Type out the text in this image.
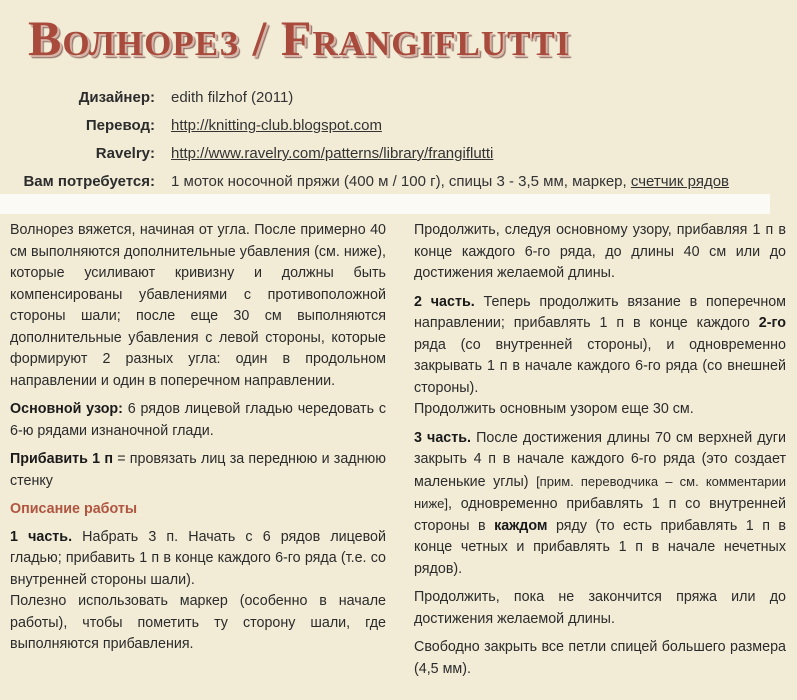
Волнорез / Frangiflutti
Дизайнер: edith filzhof (2011)
Перевод: http://knitting-club.blogspot.com
Ravelry: http://www.ravelry.com/patterns/library/frangiflutti
Вам потребуется: 1 моток носочной пряжи (400 м / 100 г), спицы 3 - 3,5 мм, маркер, счетчик рядов

Волнорез вяжется, начиная от угла. После примерно 40 см выполняются дополнительные убавления (см. ниже), которые усиливают кривизну и должны быть компенсированы убавлениями с противоположной стороны шали; после еще 30 см выполняются дополнительные убавления с левой стороны, которые формируют 2 разных угла: один в продольном направлении и один в поперечном направлении.

Основной узор: 6 рядов лицевой гладью чередовать с 6-ю рядами изнаночной глади.

Прибавить 1 п = провязать лиц за переднюю и заднюю стенку

Описание работы

1 часть. Набрать 3 п. Начать с 6 рядов лицевой гладью; прибавить 1 п в конце каждого 6-го ряда (т.е. со внутренней стороны шали).

Полезно использовать маркер (особенно в начале работы), чтобы пометить ту сторону шали, где выполняются прибавления.

Продолжить, следуя основному узору, прибавляя 1 п в конце каждого 6-го ряда, до длины 40 см или до достижения желаемой длины.

2 часть. Теперь продолжить вязание в поперечном направлении; прибавлять 1 п в конце каждого 2-го ряда (со внутренней стороны), и одновременно закрывать 1 п в начале каждого 6-го ряда (со внешней стороны).

Продолжить основным узором еще 30 см.

3 часть. После достижения длины 70 см верхней дуги закрыть 4 п в начале каждого 6-го ряда (это создает маленькие углы) [прим. переводчика – см. комментарии ниже], одновременно прибавлять 1 п со внутренней стороны в каждом ряду (то есть прибавлять 1 п в конце четных и прибавлять 1 п в начале нечетных рядов).

Продолжить, пока не закончится пряжа или до достижения желаемой длины.

Свободно закрыть все петли спицей большего размера (4,5 мм).
